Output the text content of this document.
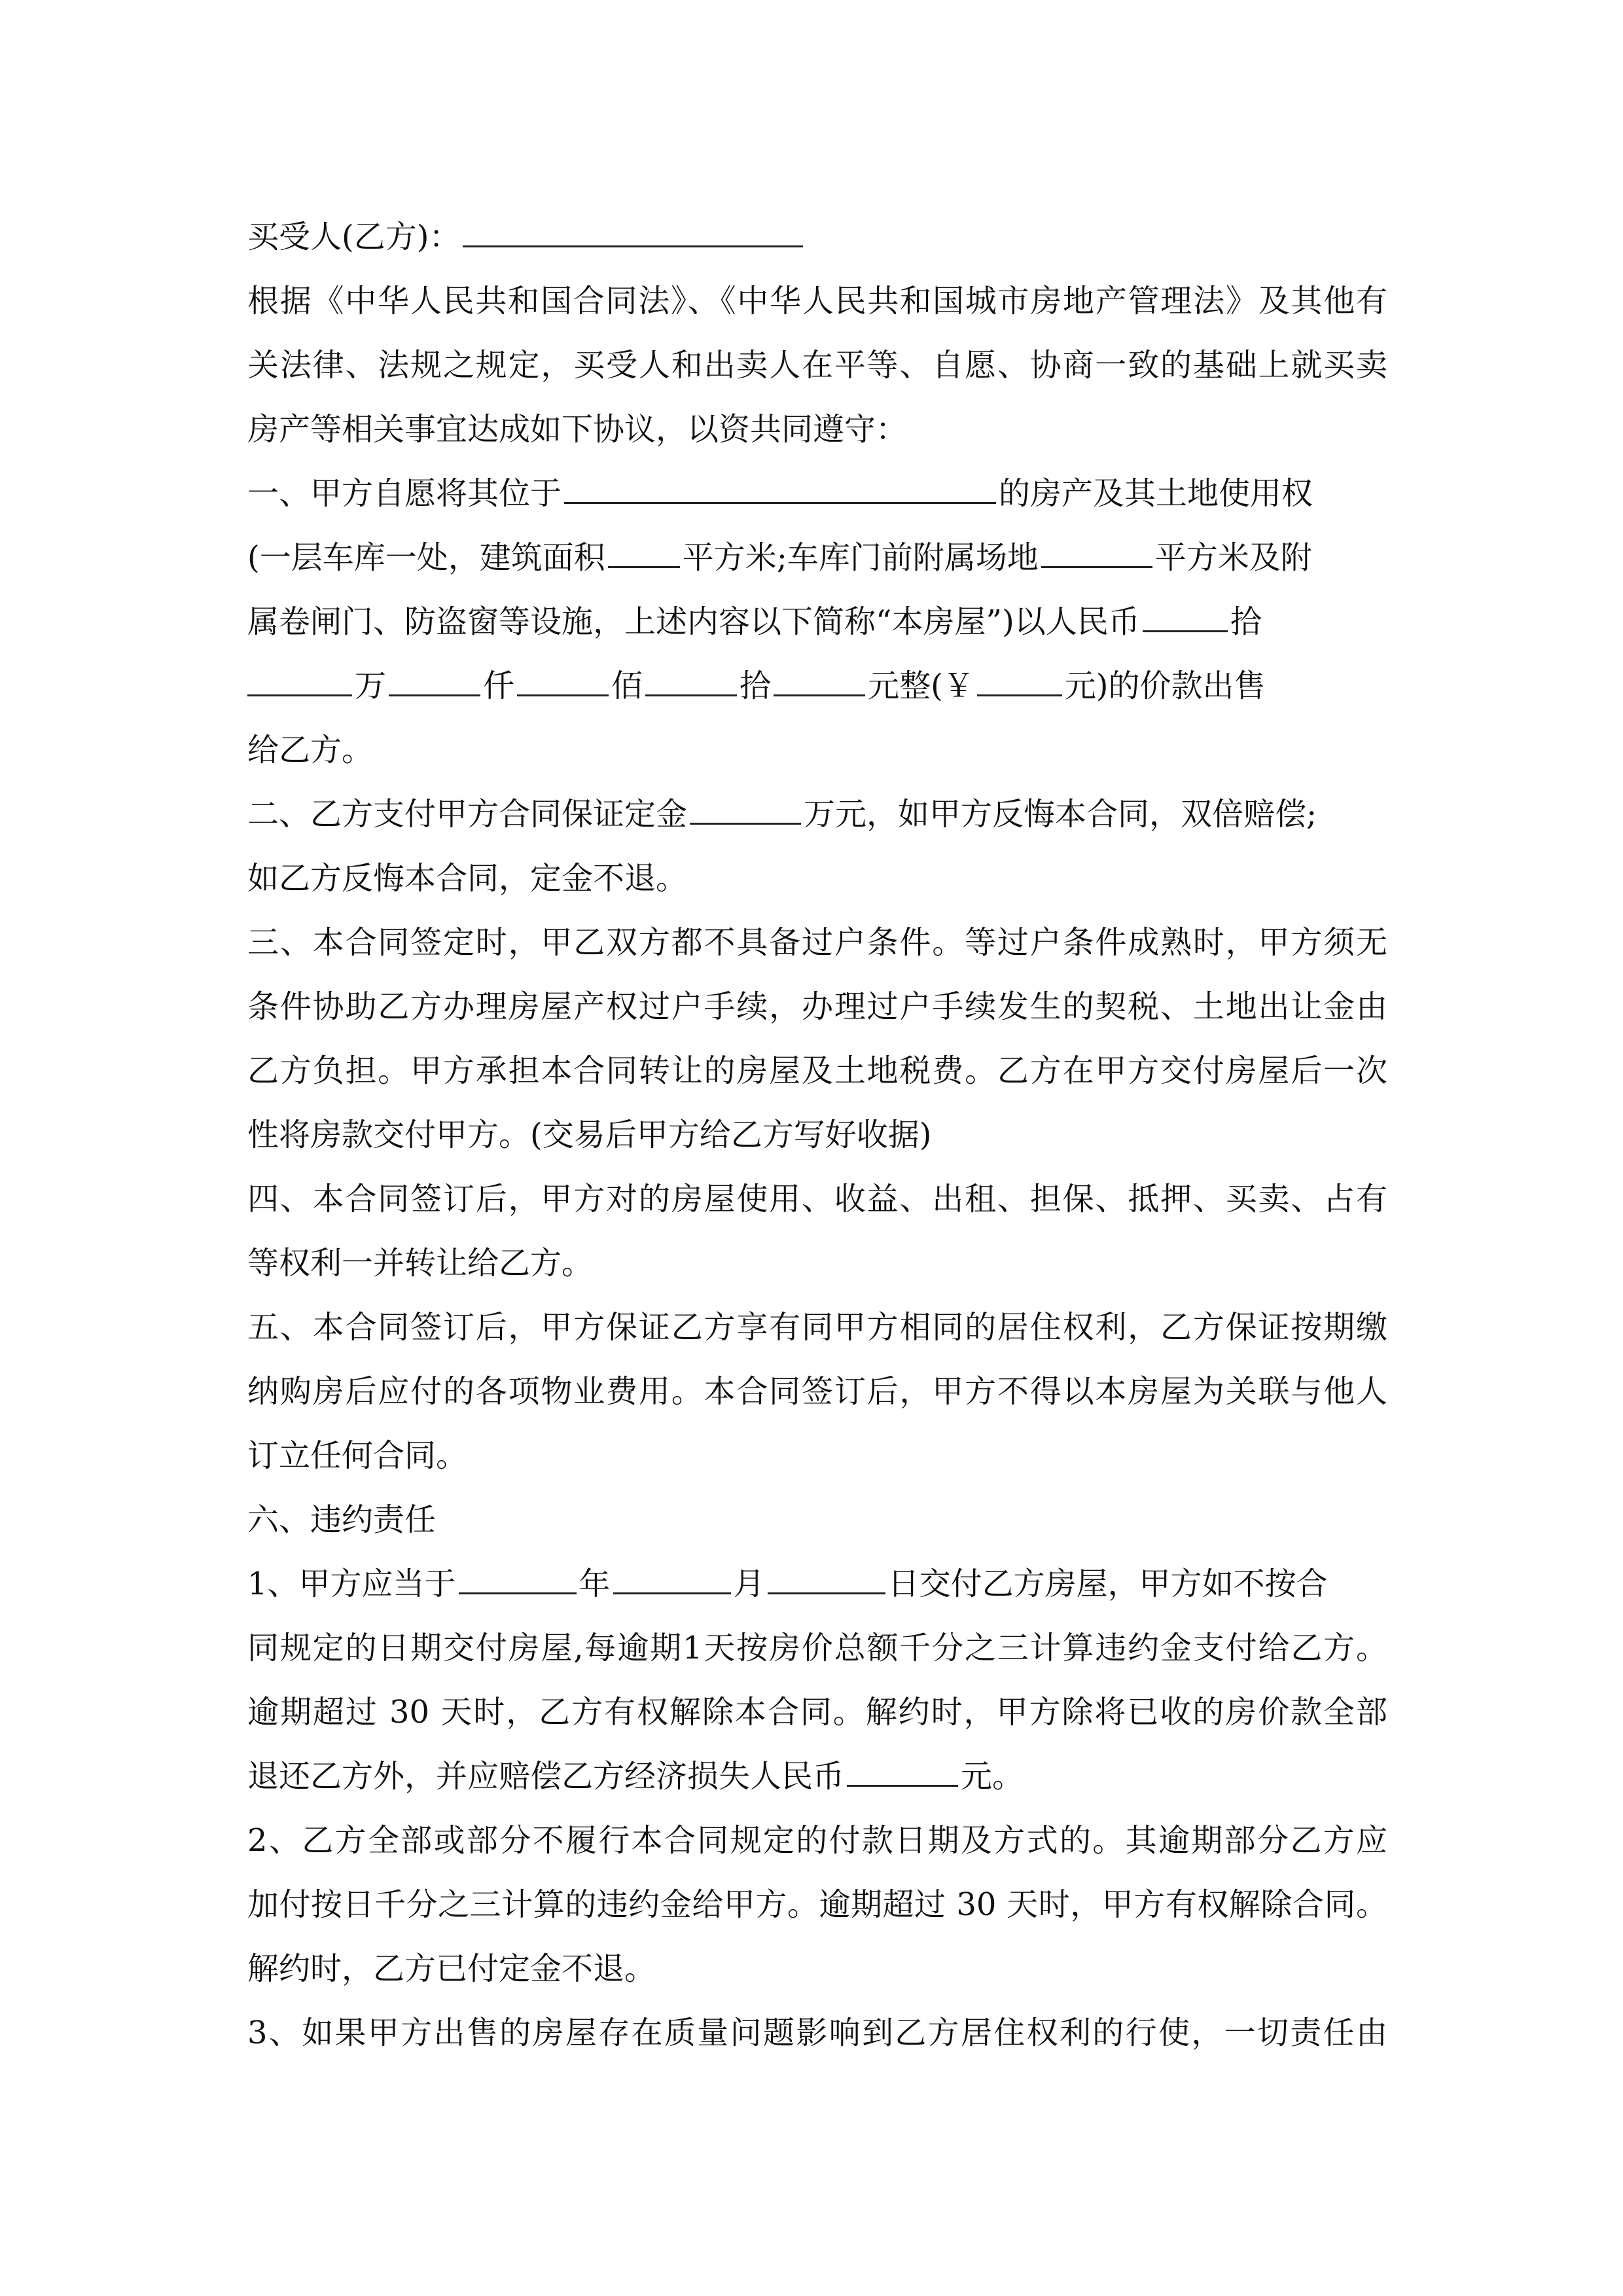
买受人(乙方)：
根据《中华人民共和国合同法》、《中华人民共和国城市房地产管理法》及其他有
关法律、法规之规定，买受人和出卖人在平等、自愿、协商一致的基础上就买卖
房产等相关事宜达成如下协议，以资共同遵守：
一、甲方自愿将其位于	的房产及其土地使用权
(一层车库一处，建筑面积 平方米;车库门前附属场地	平方米及附
属卷闸门、防盗窗等设施，上述内容以下简称“本房屋”)以人民币	拾
万	仟	佰	拾	元整(￥	元)的价款出售
给乙方。
二、乙方支付甲方合同保证定金	万元，如甲方反悔本合同，双倍赔偿;
如乙方反悔本合同，定金不退。
三、本合同签定时，甲乙双方都不具备过户条件。等过户条件成熟时，甲方须无
条件协助乙方办理房屋产权过户手续，办理过户手续发生的契税、土地出让金由
乙方负担。甲方承担本合同转让的房屋及土地税费。乙方在甲方交付房屋后一次
性将房款交付甲方。(交易后甲方给乙方写好收据)
四、本合同签订后，甲方对的房屋使用、收益、出租、担保、抵押、买卖、占有
等权利一并转让给乙方。
五、本合同签订后，甲方保证乙方享有同甲方相同的居住权利，乙方保证按期缴
纳购房后应付的各项物业费用。本合同签订后，甲方不得以本房屋为关联与他人
订立任何合同。
六、违约责任
1、甲方应当于	年	月	日交付乙方房屋，甲方如不按合
同规定的日期交付房屋,每逾期1天按房价总额千分之三计算违约金支付给乙方。
逾期超过 30 天时，乙方有权解除本合同。解约时，甲方除将已收的房价款全部
退还乙方外，并应赔偿乙方经济损失人民币	元。
2、乙方全部或部分不履行本合同规定的付款日期及方式的。其逾期部分乙方应
加付按日千分之三计算的违约金给甲方。逾期超过 30 天时，甲方有权解除合同。
解约时，乙方已付定金不退。
3、如果甲方出售的房屋存在质量问题影响到乙方居住权利的行使，一切责任由
